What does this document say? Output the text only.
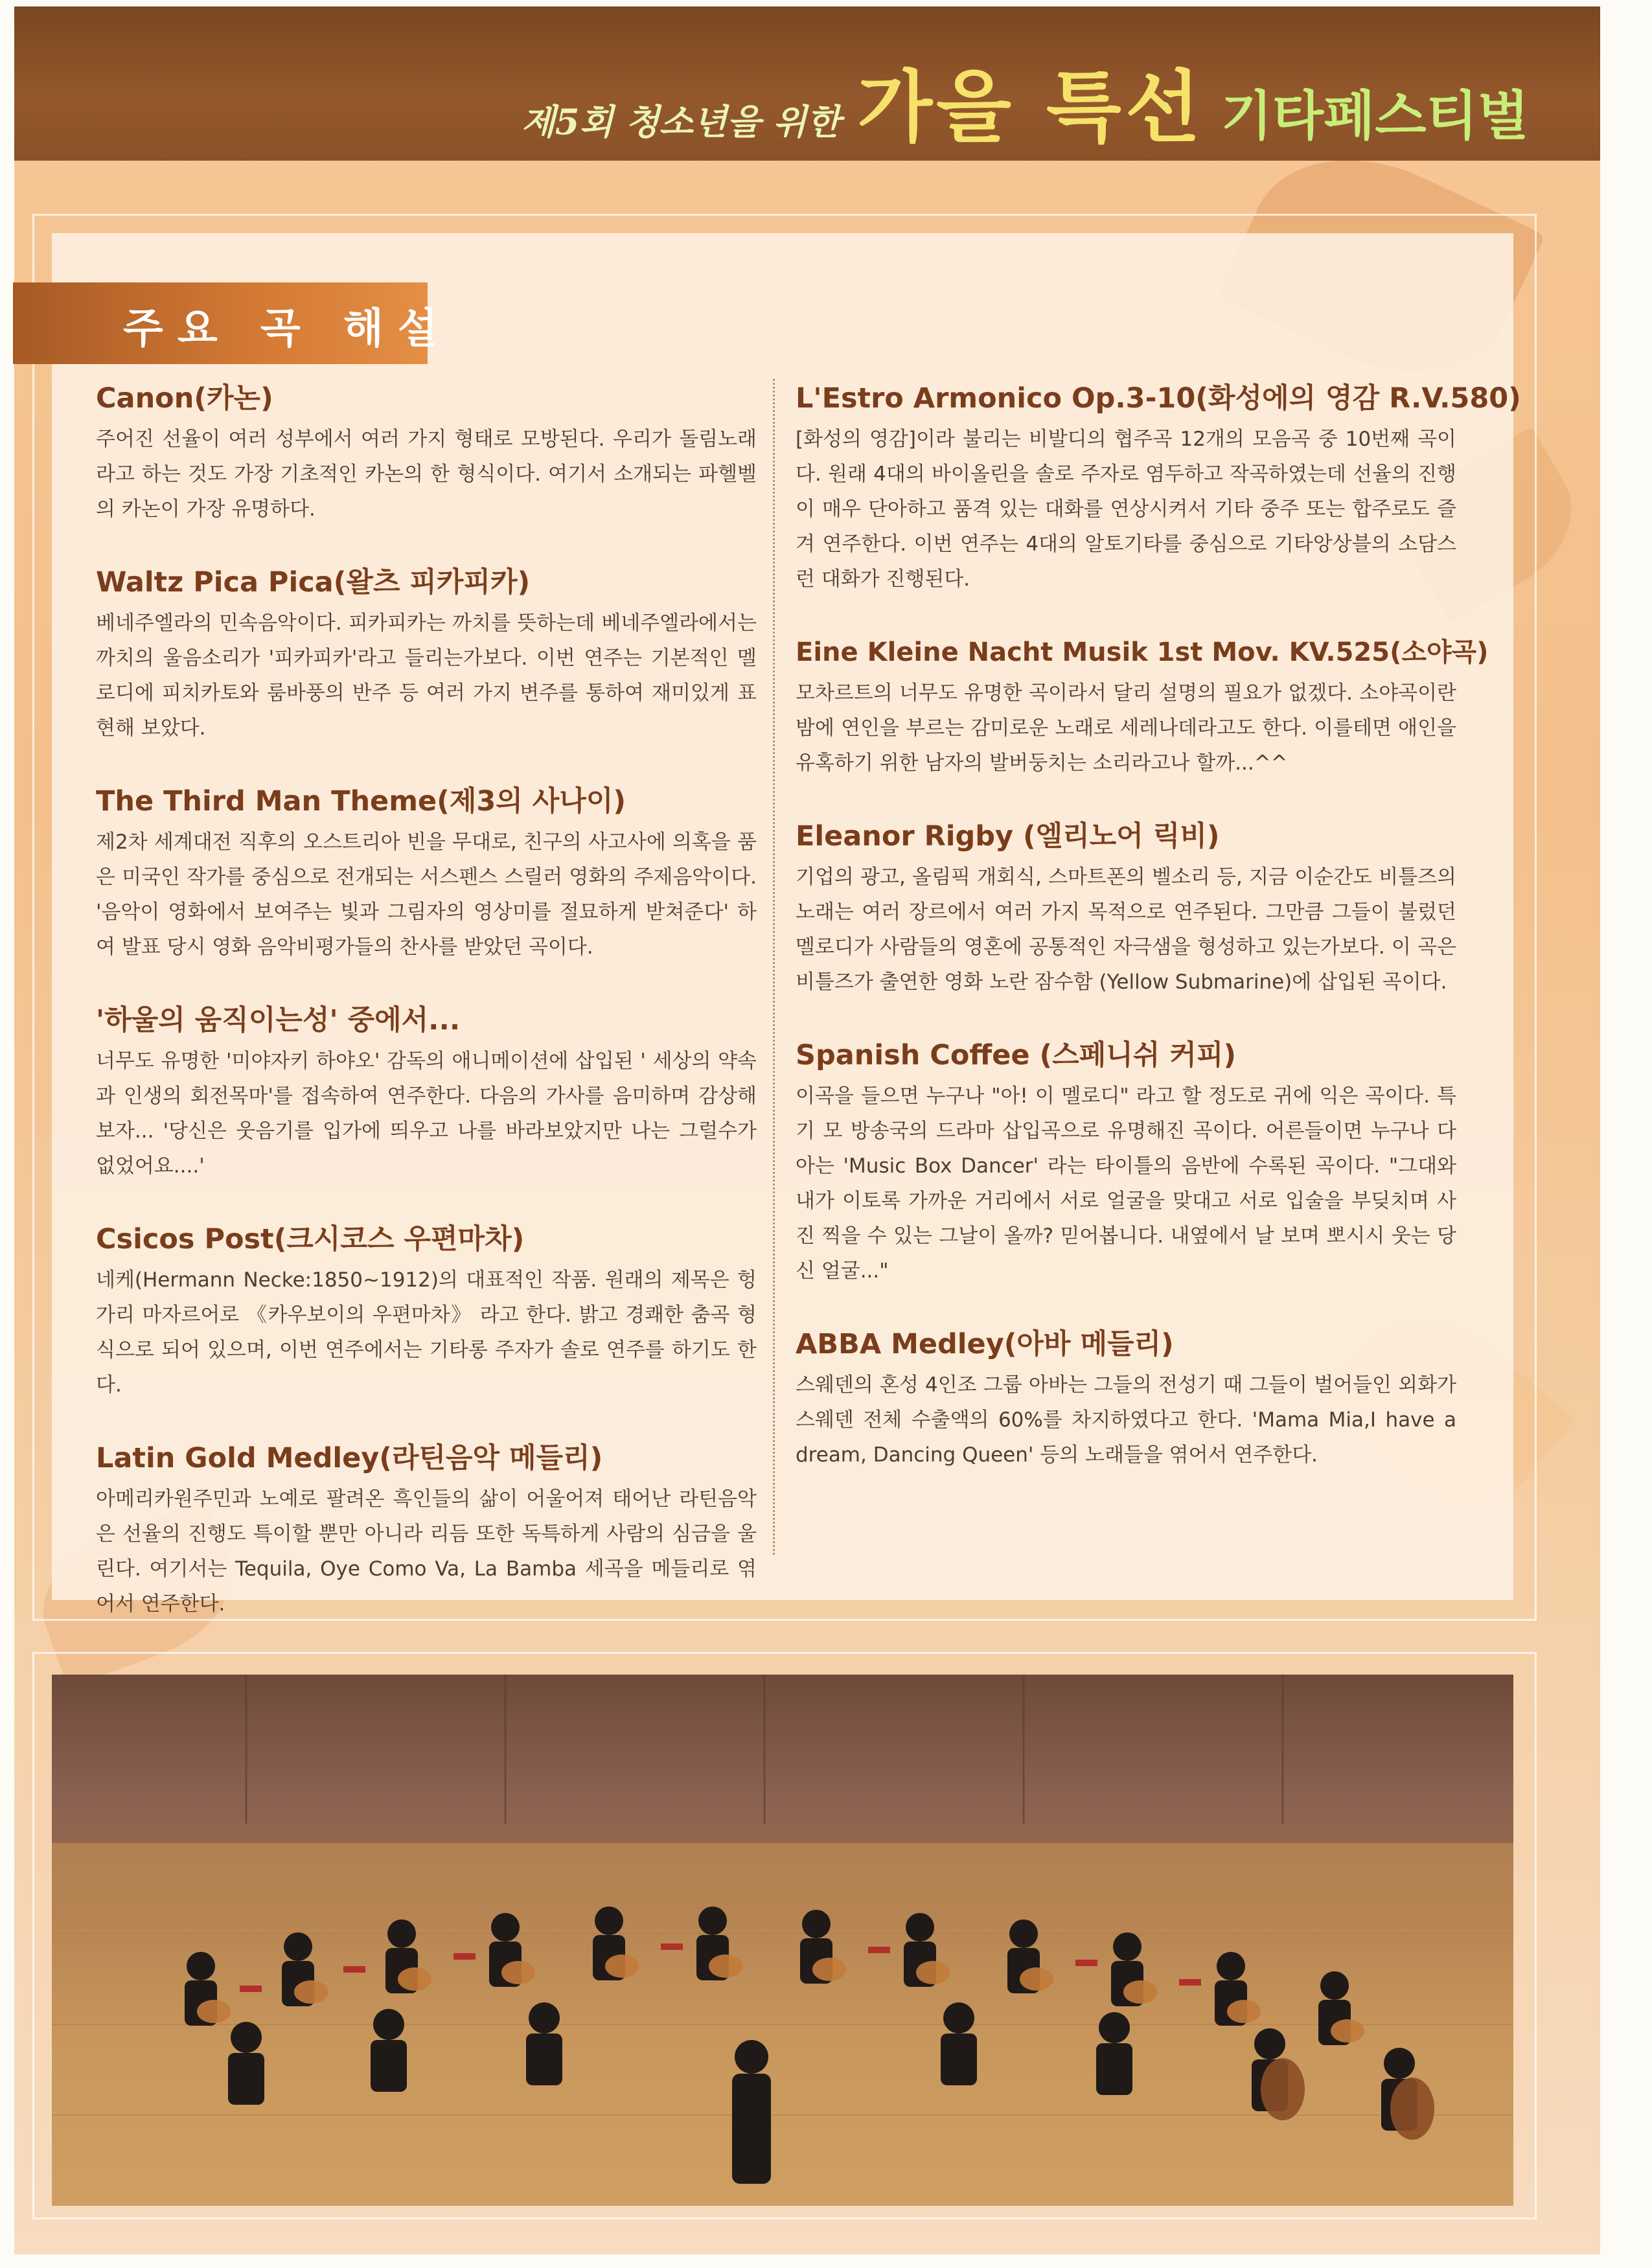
제5회 청소년을 위한 가을 특선 기타페스티벌
주요 곡 해설
Canon(카논)
주어진 선율이 여러 성부에서 여러 가지 형태로 모방된다. 우리가 돌림노래라고 하는 것도 가장 기초적인 카논의 한 형식이다. 여기서 소개되는 파헬벨의 카논이 가장 유명하다.
Waltz Pica Pica(왈츠 피카피카)
베네주엘라의 민속음악이다. 피카피카는 까치를 뜻하는데 베네주엘라에서는 까치의 울음소리가 '피카피카'라고 들리는가보다. 이번 연주는 기본적인 멜로디에 피치카토와 룸바풍의 반주 등 여러 가지 변주를 통하여 재미있게 표현해 보았다.
The Third Man Theme(제3의 사나이)
제2차 세계대전 직후의 오스트리아 빈을 무대로, 친구의 사고사에 의혹을 품은 미국인 작가를 중심으로 전개되는 서스펜스 스릴러 영화의 주제음악이다. '음악이 영화에서 보여주는 빛과 그림자의 영상미를 절묘하게 받쳐준다' 하여 발표 당시 영화 음악비평가들의 찬사를 받았던 곡이다.
'하울의 움직이는성' 중에서...
너무도 유명한 '미야자키 하야오' 감독의 애니메이션에 삽입된 ' 세상의 약속과 인생의 회전목마'를 접속하여 연주한다. 다음의 가사를 음미하며 감상해 보자... '당신은 웃음기를 입가에 띄우고 나를 바라보았지만 나는 그럴수가 없었어요....'
Csicos Post(크시코스 우편마차)
네케(Hermann Necke:1850~1912)의 대표적인 작품. 원래의 제목은 헝가리 마자르어로 《카우보이의 우편마차》 라고 한다. 밝고 경쾌한 춤곡 형식으로 되어 있으며, 이번 연주에서는 기타롱 주자가 솔로 연주를 하기도 한다.
Latin Gold Medley(라틴음악 메들리)
아메리카원주민과 노예로 팔려온 흑인들의 삶이 어울어져 태어난 라틴음악은 선율의 진행도 특이할 뿐만 아니라 리듬 또한 독특하게 사람의 심금을 울린다. 여기서는 Tequila, Oye Como Va, La Bamba 세곡을 메들리로 엮어서 연주한다.
L'Estro Armonico Op.3-10(화성에의 영감 R.V.580)
[화성의 영감]이라 불리는 비발디의 협주곡 12개의 모음곡 중 10번째 곡이다. 원래 4대의 바이올린을 솔로 주자로 염두하고 작곡하였는데 선율의 진행이 매우 단아하고 품격 있는 대화를 연상시켜서 기타 중주 또는 합주로도 즐겨 연주한다. 이번 연주는 4대의 알토기타를 중심으로 기타앙상블의 소담스런 대화가 진행된다.
Eine Kleine Nacht Musik 1st Mov. KV.525(소야곡)
모차르트의 너무도 유명한 곡이라서 달리 설명의 필요가 없겠다. 소야곡이란 밤에 연인을 부르는 감미로운 노래로 세레나데라고도 한다. 이를테면 애인을 유혹하기 위한 남자의 발버둥치는 소리라고나 할까...^^
Eleanor Rigby (엘리노어 릭비)
기업의 광고, 올림픽 개회식, 스마트폰의 벨소리 등, 지금 이순간도 비틀즈의 노래는 여러 장르에서 여러 가지 목적으로 연주된다. 그만큼 그들이 불렀던 멜로디가 사람들의 영혼에 공통적인 자극샘을 형성하고 있는가보다. 이 곡은 비틀즈가 출연한 영화 노란 잠수함 (Yellow Submarine)에 삽입된 곡이다.
Spanish Coffee (스페니쉬 커피)
이곡을 들으면 누구나 "아! 이 멜로디" 라고 할 정도로 귀에 익은 곡이다. 특기 모 방송국의 드라마 삽입곡으로 유명해진 곡이다. 어른들이면 누구나 다 아는 'Music Box Dancer' 라는 타이틀의 음반에 수록된 곡이다. "그대와 내가 이토록 가까운 거리에서 서로 얼굴을 맞대고 서로 입술을 부딪치며 사진 찍을 수 있는 그날이 올까? 믿어봅니다. 내옆에서 날 보며 뽀시시 웃는 당신 얼굴..."
ABBA Medley(아바 메들리)
스웨덴의 혼성 4인조 그룹 아바는 그들의 전성기 때 그들이 벌어들인 외화가 스웨덴 전체 수출액의 60%를 차지하였다고 한다. 'Mama Mia,I have a dream, Dancing Queen' 등의 노래들을 엮어서 연주한다.
